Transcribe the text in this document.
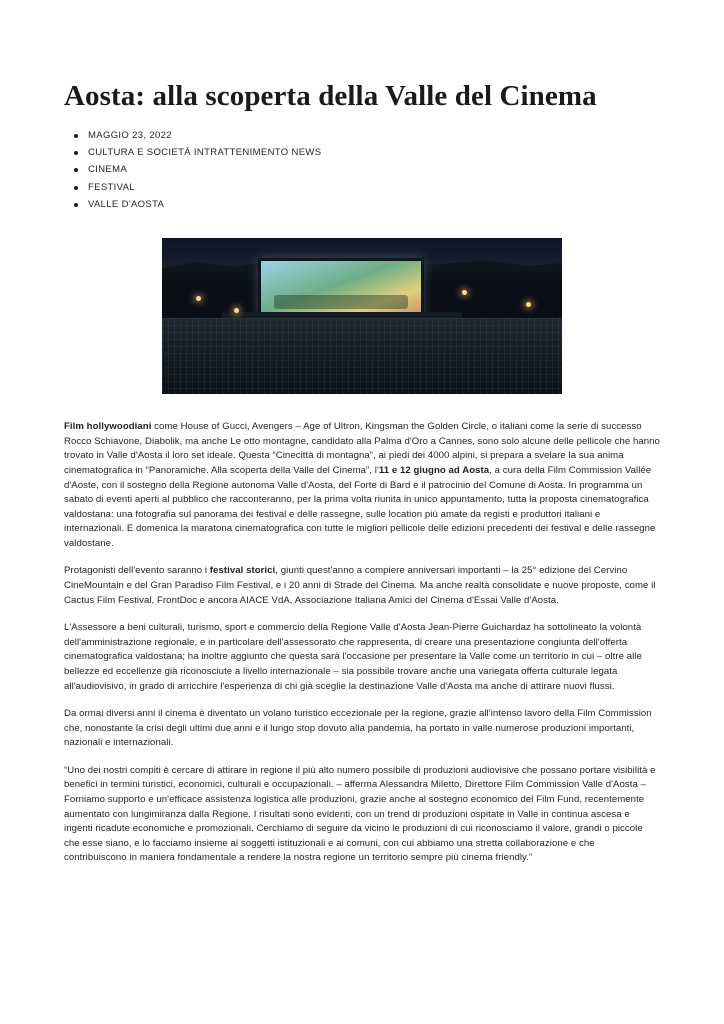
Aosta: alla scoperta della Valle del Cinema
MAGGIO 23, 2022
CULTURA E SOCIETÀ INTRATTENIMENTO NEWS
CINEMA
FESTIVAL
VALLE D'AOSTA

Film hollywoodiani come House of Gucci, Avengers – Age of Ultron, Kingsman the Golden Circle, o italiani come la serie di successo Rocco Schiavone, Diabolik, ma anche Le otto montagne, candidato alla Palma d'Oro a Cannes, sono solo alcune delle pellicole che hanno trovato in Valle d'Aosta il loro set ideale. Questa “Cinecittà di montagna”, ai piedi dei 4000 alpini, si prepara a svelare la sua anima cinematografica in “Panoramiche. Alla scoperta della Valle del Cinema”, l'11 e 12 giugno ad Aosta, a cura della Film Commission Vallée d'Aoste, con il sostegno della Regione autonoma Valle d'Aosta, del Forte di Bard e il patrocinio del Comune di Aosta. In programma un sabato di eventi aperti al pubblico che racconteranno, per la prima volta riunita in unico appuntamento, tutta la proposta cinematografica valdostana: una fotografia sul panorama dei festival e delle rassegne, sulle location più amate da registi e produttori italiani e internazionali. E domenica la maratona cinematografica con tutte le migliori pellicole delle edizioni precedenti dei festival e delle rassegne valdostane.

Protagonisti dell'evento saranno i festival storici, giunti quest'anno a compiere anniversari importanti – la 25° edizione del Cervino CineMountain e del Gran Paradiso Film Festival, e i 20 anni di Strade del Cinema. Ma anche realtà consolidate e nuove proposte, come il Cactus Film Festival, FrontDoc e ancora AIACE VdA, Associazione Italiana Amici del Cinema d'Essai Valle d'Aosta.

L'Assessore a beni culturali, turismo, sport e commercio della Regione Valle d'Aosta Jean-Pierre Guichardaz ha sottolineato la volontà dell'amministrazione regionale, e in particolare dell'assessorato che rappresenta, di creare una presentazione congiunta dell'offerta cinematografica valdostana; ha inoltre aggiunto che questa sarà l'occasione per presentare la Valle come un territorio in cui – oltre alle bellezze ed eccellenze già riconosciute a livello internazionale – sia possibile trovare anche una variegata offerta culturale legata all'audiovisivo, in grado di arricchire l'esperienza di chi già sceglie la destinazione Valle d'Aosta ma anche di attirare nuovi flussi.

Da ormai diversi anni il cinema è diventato un volano turistico eccezionale per la regione, grazie all'intenso lavoro della Film Commission che, nonostante la crisi degli ultimi due anni e il lungo stop dovuto alla pandemia, ha portato in valle numerose produzioni importanti, nazionali e internazionali.

“Uno dei nostri compiti è cercare di attirare in regione il più alto numero possibile di produzioni audiovisive che possano portare visibilità e benefici in termini turistici, economici, culturali e occupazionali. – afferma Alessandra Miletto, Direttore Film Commission Valle d'Aosta – Forniamo supporto e un'efficace assistenza logistica alle produzioni, grazie anche al sostegno economico del Film Fund, recentemente aumentato con lungimiranza dalla Regione. I risultati sono evidenti, con un trend di produzioni ospitate in Valle in continua ascesa e ingenti ricadute economiche e promozionali. Cerchiamo di seguire da vicino le produzioni di cui riconosciamo il valore, grandi o piccole che esse siano, e lo facciamo insieme ai soggetti istituzionali e ai comuni, con cui abbiamo una stretta collaborazione e che contribuiscono in maniera fondamentale a rendere la nostra regione un territorio sempre più cinema friendly.”
